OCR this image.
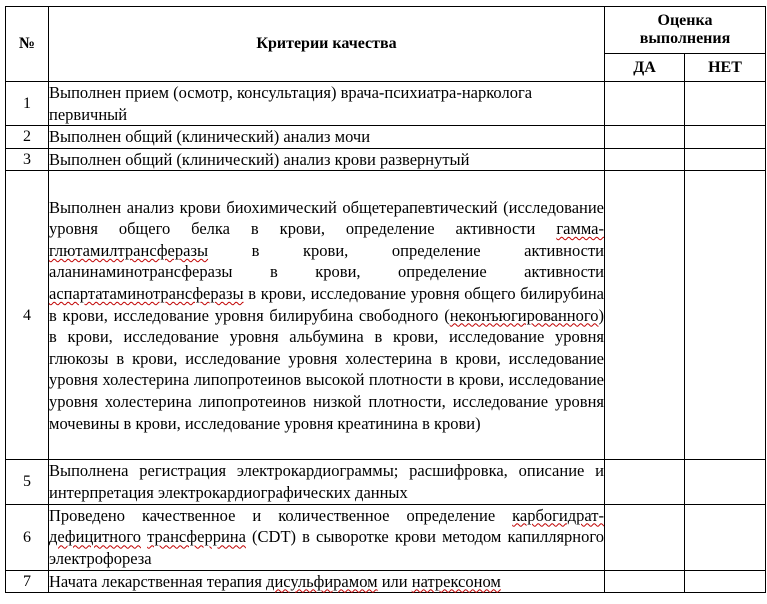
№	Критерии качества	Оценка
выполнения	
		ДА	НЕТ
1	Выполнен прием (осмотр, консультация) врача-психиатра-нарколога первичный		
2	Выполнен общий (клинический) анализ мочи		
3	Выполнен общий (клинический) анализ крови развернутый		
4	Выполнен анализ крови биохимический общетерапевтический (исследование уровня общего белка в крови, определение активности гамма-глютамилтрансферазы в крови, определение активности аланинаминотрансферазы в крови, определение активности аспартатаминотрансферазы в крови, исследование уровня общего билирубина в крови, исследование уровня билирубина свободного (неконъюгированного) в крови, исследование уровня альбумина в крови, исследование уровня глюкозы в крови, исследование уровня холестерина в крови, исследование уровня холестерина липопротеинов высокой плотности в крови, исследование уровня холестерина липопротеинов низкой плотности, исследование уровня мочевины в крови, исследование уровня креатинина в крови)		
5	Выполнена регистрация электрокардиограммы; расшифровка, описание и интерпретация электрокардиографических данных		
6	Проведено качественное и количественное определение карбогидрат-дефицитного трансферрина (CDT) в сыворотке крови методом капиллярного электрофореза		
7	Начата лекарственная терапия дисульфирамом или натрексоном		
